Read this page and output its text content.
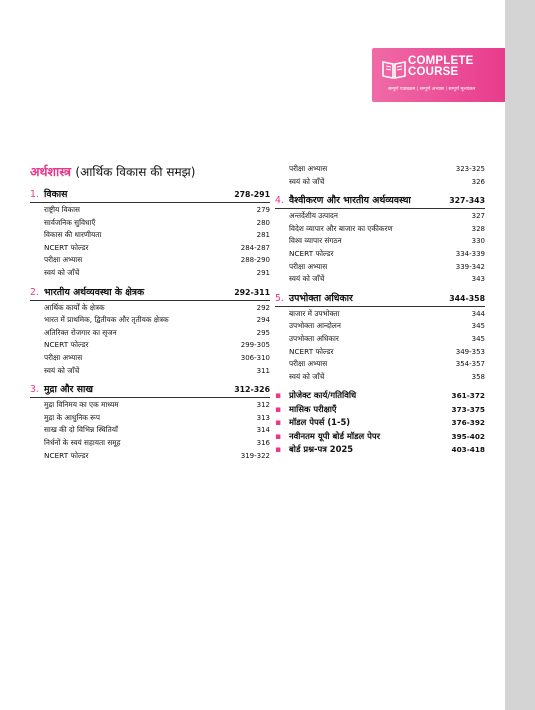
COMPLETE
COURSE
सम्पूर्ण पाठ्यक्रम | सम्पूर्ण अभ्यास | सम्पूर्ण मूल्यांकन
अर्थशास्त्र (आर्थिक विकास की समझ)
1. विकास	278-291
राष्ट्रीय विकास	279
सार्वजनिक सुविधाएँ	280
विकास की धारणीयता	281
NCERT फोल्डर	284-287
परीक्षा अभ्यास	288-290
स्वयं को जाँचें	291
2. भारतीय अर्थव्यवस्था के क्षेत्रक	292-311
आर्थिक कार्यों के क्षेत्रक	292
भारत में प्राथमिक, द्वितीयक और तृतीयक क्षेत्रक	294
अतिरिक्त रोजगार का सृजन	295
NCERT फोल्डर	299-305
परीक्षा अभ्यास	306-310
स्वयं को जाँचें	311
3. मुद्रा और साख	312-326
मुद्रा विनिमय का एक माध्यम	312
मुद्रा के आधुनिक रूप	313
साख की दो विभिन्न स्थितियाँ	314
निर्धनों के स्वयं सहायता समूह	316
NCERT फोल्डर	319-322
परीक्षा अभ्यास	323-325
स्वयं को जाँचें	326
4. वैश्वीकरण और भारतीय अर्थव्यवस्था	327-343
अन्तर्देशीय उत्पादन	327
विदेश व्यापार और बाजार का एकीकरण	328
विश्व व्यापार संगठन	330
NCERT फोल्डर	334-339
परीक्षा अभ्यास	339-342
स्वयं को जाँचें	343
5. उपभोक्ता अधिकार	344-358
बाजार में उपभोक्ता	344
उपभोक्ता आन्दोलन	345
उपभोक्ता अधिकार	345
NCERT फोल्डर	349-353
परीक्षा अभ्यास	354-357
स्वयं को जाँचें	358
▪ प्रोजेक्ट कार्य/गतिविधि	361-372
▪ मासिक परीक्षाएँ	373-375
▪ मॉडल पेपर्स (1-5)	376-392
▪ नवीनतम यूपी बोर्ड मॉडल पेपर	395-402
▪ बोर्ड प्रश्न-पत्र 2025	403-418
